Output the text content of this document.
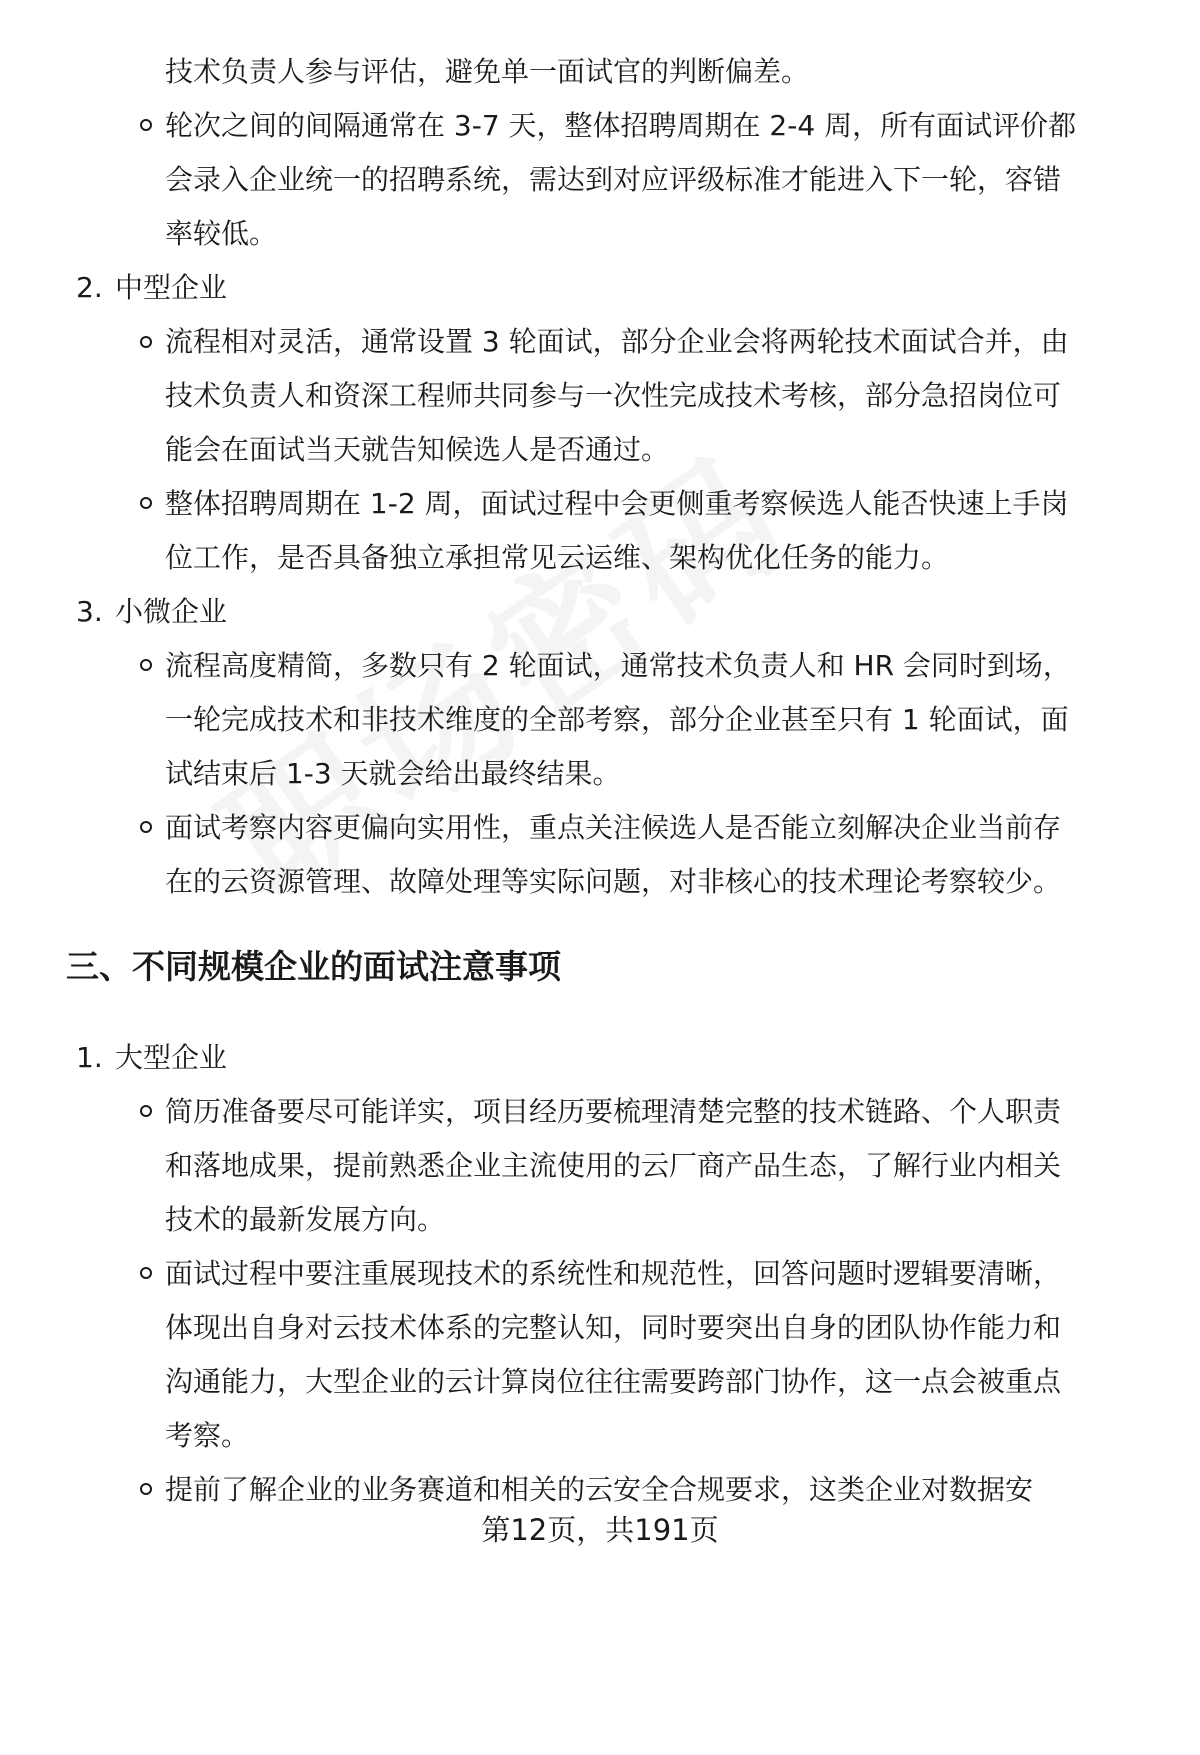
技术负责人参与评估，避免单一面试官的判断偏差。
轮次之间的间隔通常在 3-7 天，整体招聘周期在 2-4 周，所有面试评价都
会录入企业统一的招聘系统，需达到对应评级标准才能进入下一轮，容错
率较低。
2. 中型企业
流程相对灵活，通常设置 3 轮面试，部分企业会将两轮技术面试合并，由
技术负责人和资深工程师共同参与一次性完成技术考核，部分急招岗位可
能会在面试当天就告知候选人是否通过。
整体招聘周期在 1-2 周，面试过程中会更侧重考察候选人能否快速上手岗
位工作，是否具备独立承担常见云运维、架构优化任务的能力。
3. 小微企业
流程高度精简，多数只有 2 轮面试，通常技术负责人和 HR 会同时到场，
一轮完成技术和非技术维度的全部考察，部分企业甚至只有 1 轮面试，面
试结束后 1-3 天就会给出最终结果。
面试考察内容更偏向实用性，重点关注候选人是否能立刻解决企业当前存
在的云资源管理、故障处理等实际问题，对非核心的技术理论考察较少。
三、不同规模企业的面试注意事项
1. 大型企业
简历准备要尽可能详实，项目经历要梳理清楚完整的技术链路、个人职责
和落地成果，提前熟悉企业主流使用的云厂商产品生态，了解行业内相关
技术的最新发展方向。
面试过程中要注重展现技术的系统性和规范性，回答问题时逻辑要清晰，
体现出自身对云技术体系的完整认知，同时要突出自身的团队协作能力和
沟通能力，大型企业的云计算岗位往往需要跨部门协作，这一点会被重点
考察。
提前了解企业的业务赛道和相关的云安全合规要求，这类企业对数据安
第12页，共191页
